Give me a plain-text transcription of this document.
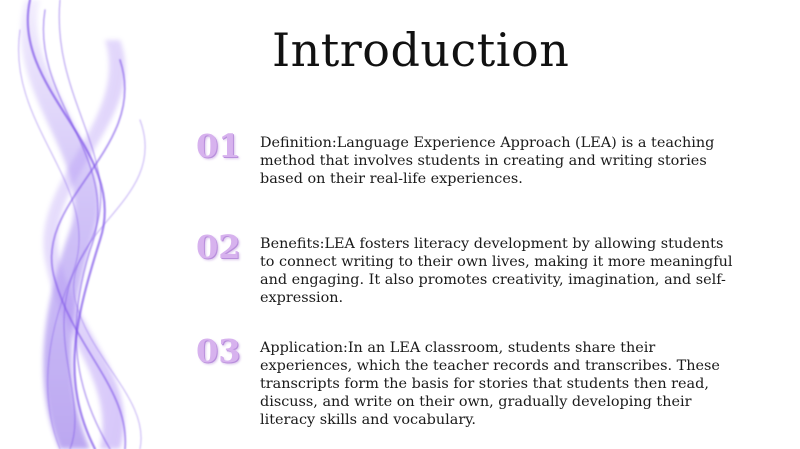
Introduction
01 Definition:Language Experience Approach (LEA) is a teaching method that involves students in creating and writing stories based on their real-life experiences.
02 Benefits:LEA fosters literacy development by allowing students to connect writing to their own lives, making it more meaningful and engaging. It also promotes creativity, imagination, and self-expression.
03 Application:In an LEA classroom, students share their experiences, which the teacher records and transcribes. These transcripts form the basis for stories that students then read, discuss, and write on their own, gradually developing their literacy skills and vocabulary.
